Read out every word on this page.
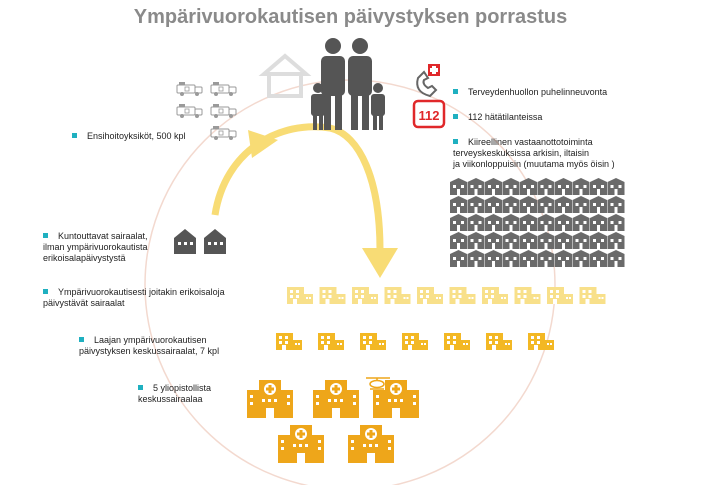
Ympärivuorokautisen päivystyksen porrastus
112
Ensihoitoyksiköt, 500 kpl
Terveydenhuollon puhelinneuvonta
112 hätätilanteissa
Kiireellinen vastaanottotoiminta
terveyskeskuksissa arkisin, iltaisin
ja viikonloppuisin (muutama myös öisin )
Kuntouttavat sairaalat,
ilman ympärivuorokautista
erikoisalapäivystystä
Ympärivuorokautisesti joitakin erikoisaloja
päivystävät sairaalat
Laajan ympärivuorokautisen
päivystyksen keskussairaalat, 7 kpl
5 yliopistollista
keskussairaalaa
